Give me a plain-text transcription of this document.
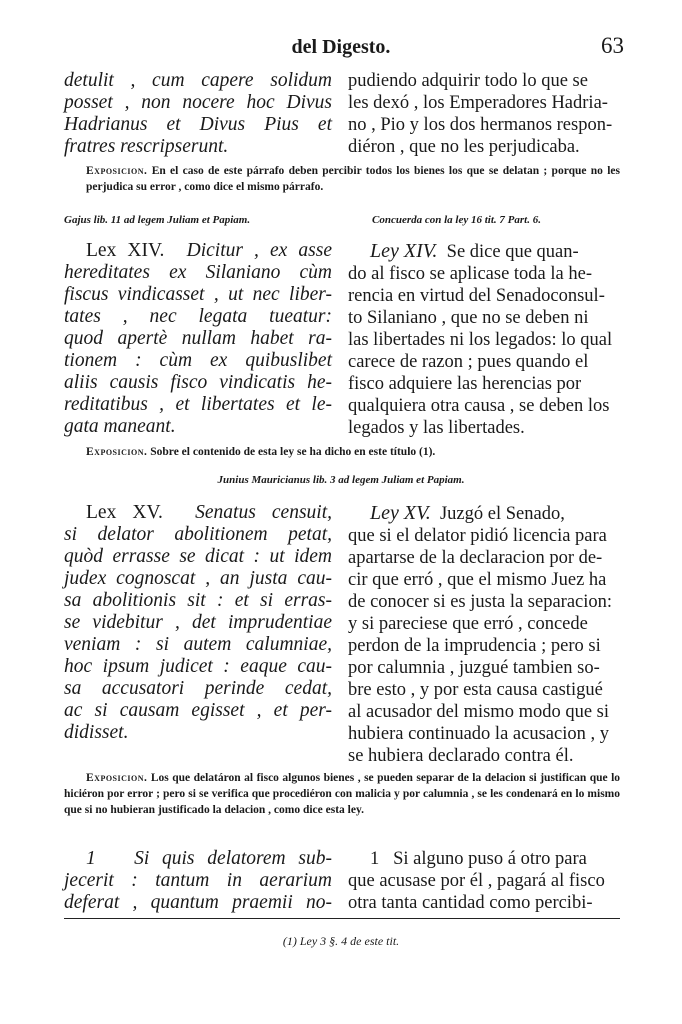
del Digesto.	63
detulit , cum capere solidum
posset , non nocere hoc Divus
Hadrianus et Divus Pius et
fratres rescripserunt.
pudiendo adquirir todo lo que se
les dexó , los Emperadores Hadria-
no , Pio y los dos hermanos respon-
diéron , que no les perjudicaba.
Exposicion. En el caso de este párrafo deben percibir todos los bienes los que se delatan ; porque no les perjudica su error , como dice el mismo párrafo.
Gajus lib. 11 ad legem Juliam et Papiam.	Concuerda con la ley 16 tit. 7 Part. 6.
Lex XIV. Dicitur , ex asse
hereditates ex Silaniano cùm
fiscus vindicasset , ut nec liber-
tates , nec legata tueatur:
quod apertè nullam habet ra-
tionem : cùm ex quibuslibet
aliis causis fisco vindicatis he-
reditatibus , et libertates et le-
gata maneant.
Ley XIV. Se dice que quan-
do al fisco se aplicase toda la he-
rencia en virtud del Senadoconsul-
to Silaniano , que no se deben ni
las libertades ni los legados: lo qual
carece de razon ; pues quando el
fisco adquiere las herencias por
qualquiera otra causa , se deben los
legados y las libertades.
Exposicion. Sobre el contenido de esta ley se ha dicho en este título (1).
Junius Mauricianus lib. 3 ad legem Juliam et Papiam.
Lex XV. Senatus censuit,
si delator abolitionem petat,
quòd errasse se dicat : ut idem
judex cognoscat , an justa cau-
sa abolitionis sit : et si erras-
se videbitur , det imprudentiae
veniam : si autem calumniae,
hoc ipsum judicet : eaque cau-
sa accusatori perinde cedat,
ac si causam egisset , et per-
didisset.
Ley XV. Juzgó el Senado,
que si el delator pidió licencia para
apartarse de la declaracion por de-
cir que erró , que el mismo Juez ha
de conocer si es justa la separacion:
y si pareciese que erró , concede
perdon de la imprudencia ; pero si
por calumnia , juzgué tambien so-
bre esto , y por esta causa castigué
al acusador del mismo modo que si
hubiera continuado la acusacion , y
se hubiera declarado contra él.
Exposicion. Los que delatáron al fisco algunos bienes , se pueden separar de la delacion si justifican que lo hiciéron por error ; pero si se verifica que procediéron con malicia y por calumnia , se les condenará en lo mismo que si no hubieran justificado la delacion , como dice esta ley.
1 Si quis delatorem sub-
jecerit : tantum in aerarium
deferat , quantum praemii no-
1 Si alguno puso á otro para
que acusase por él , pagará al fisco
otra tanta cantidad como percibi-
(1) Ley 3 §. 4 de este tit.
